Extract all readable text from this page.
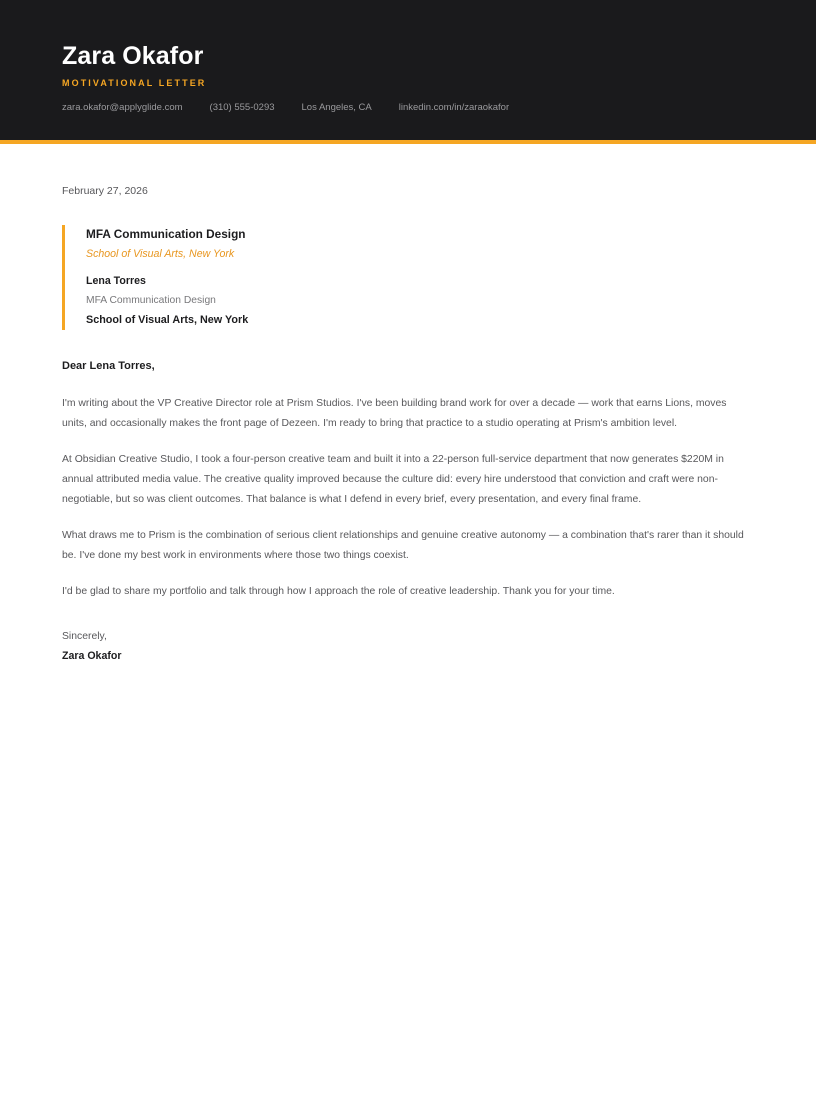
Zara Okafor
MOTIVATIONAL LETTER
zara.okafor@applyglide.com	(310) 555-0293	Los Angeles, CA	linkedin.com/in/zaraokafor
February 27, 2026
MFA Communication Design
School of Visual Arts, New York
Lena Torres
MFA Communication Design
School of Visual Arts, New York
Dear Lena Torres,

I'm writing about the VP Creative Director role at Prism Studios. I've been building brand work for over a decade — work that earns Lions, moves units, and occasionally makes the front page of Dezeen. I'm ready to bring that practice to a studio operating at Prism's ambition level.

At Obsidian Creative Studio, I took a four-person creative team and built it into a 22-person full-service department that now generates $220M in annual attributed media value. The creative quality improved because the culture did: every hire understood that conviction and craft were non-negotiable, but so was client outcomes. That balance is what I defend in every brief, every presentation, and every final frame.

What draws me to Prism is the combination of serious client relationships and genuine creative autonomy — a combination that's rarer than it should be. I've done my best work in environments where those two things coexist.

I'd be glad to share my portfolio and talk through how I approach the role of creative leadership. Thank you for your time.

Sincerely,
Zara Okafor
